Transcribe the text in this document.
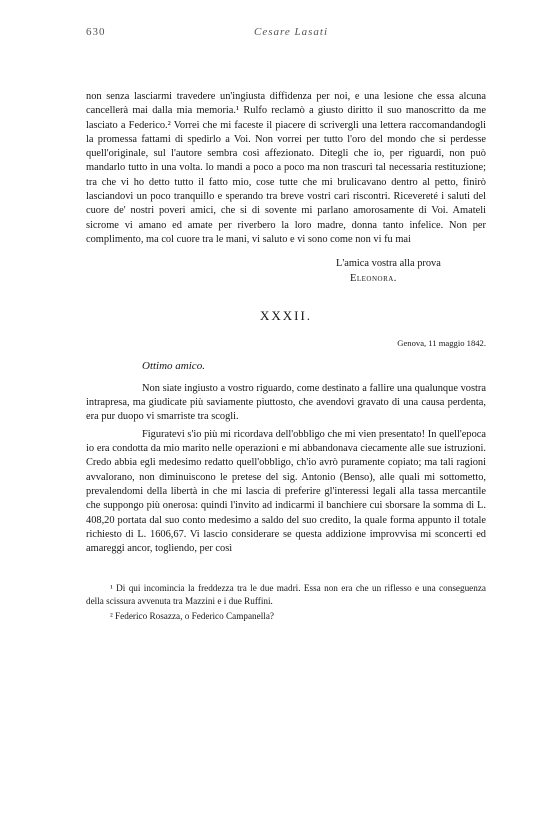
630	Cesare Lasati

non senza lasciarmi travedere un'ingiusta diffidenza per noi, e una lesione che essa alcuna cancellerà mai dalla mia memoria.¹ Rulfo reclamò a giusto diritto il suo manoscritto da me lasciato a Federico.² Vorrei che mi faceste il piacere di scrivergli una lettera raccomandandogli la promessa fattami di spedirlo a Voi. Non vorrei per tutto l'oro del mondo che si perdesse quell'originale, sul l'autore sembra così affezionato. Ditegli che io, per riguardi, non può mandarlo tutto in una volta. lo mandi a poco a poco ma non trascuri tal necessaria restituzione; tra che vi ho detto tutto il fatto mio, cose tutte che mi brulicavano dentro al petto, finirò lasciandovi un poco tranquillo e sperando tra breve vostri cari riscontri. Ricevereté i saluti del cuore de' nostri poveri amici, che si di sovente mi parlano amorosamente di Voi. Amateli sicrome vi amano ed amate per riverbero la loro madre, donna tanto infelice. Non per complimento, ma col cuore tra le mani, vi saluto e vi sono come non vi fu mai

L'amica vostra alla prova
Eleonora.
XXXII.
Genova, 11 maggio 1842.
Ottimo amico.

Non siate ingiusto a vostro riguardo, come destinato a fallire una qualunque vostra intrapresa, ma giudicate più saviamente piuttosto, che avendovi gravato di una causa perdenta, era pur duopo vi smarriste tra scogli.

Figuratevi s'io più mi ricordava dell'obbligo che mi vien presentato! In quell'epoca io era condotta da mio marito nelle operazioni e mi abbandonava ciecamente alle sue istruzioni. Credo abbia egli medesimo redatto quell'obbligo, ch'io avrò puramente copiato; ma tali ragioni avvalorano, non diminuiscono le pretese del sig. Antonio (Benso), alle quali mi sottometto, prevalendomi della libertà in che mi lascia di preferire gl'interessi legali alla tassa mercantile che suppongo più onerosa: quindi l'invito ad indicarmi il banchiere cui sborsare la somma di L. 408,20 portata dal suo conto medesimo a saldo del suo credito, la quale forma appunto il totale richiesto di L. 1606,67. Vi lascio considerare se questa addizione improvvisa mi sconcerti ed amareggi ancor, togliendo, per così

¹ Di qui incomincia la freddezza tra le due madri. Essa non era che un riflesso e una conseguenza della scissura avvenuta tra Mazzini e i due Ruffini.

² Federico Rosazza, o Federico Campanella?
